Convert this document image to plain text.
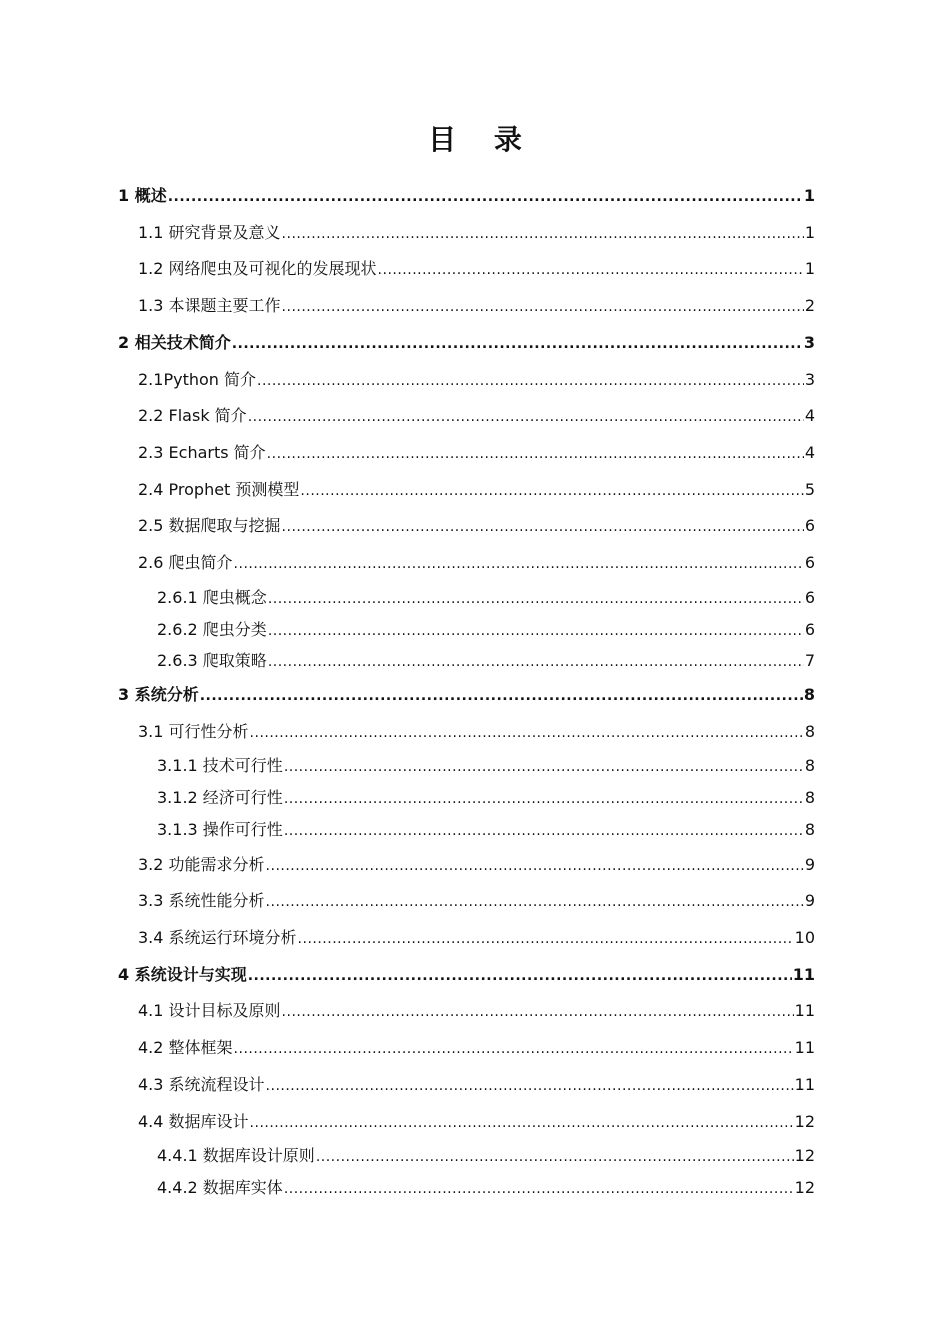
目 录
1 概述 .....	1
1.1 研究背景及意义 .....	1
1.2 网络爬虫及可视化的发展现状 .....	1
1.3 本课题主要工作 .....	2
2 相关技术简介 .....	3
2.1Python 简介 .....	3
2.2 Flask 简介 .....	4
2.3 Echarts 简介 .....	4
2.4 Prophet 预测模型 .....	5
2.5 数据爬取与挖掘 .....	6
2.6 爬虫简介 .....	6
2.6.1 爬虫概念 .....	6
2.6.2 爬虫分类 .....	6
2.6.3 爬取策略 .....	7
3 系统分析 .....	8
3.1 可行性分析 .....	8
3.1.1 技术可行性 .....	8
3.1.2 经济可行性 .....	8
3.1.3 操作可行性 .....	8
3.2 功能需求分析 .....	9
3.3 系统性能分析 .....	9
3.4 系统运行环境分析 .....	10
4 系统设计与实现 .....	11
4.1 设计目标及原则 .....	11
4.2 整体框架 .....	11
4.3 系统流程设计 .....	11
4.4 数据库设计 .....	12
4.4.1 数据库设计原则 .....	12
4.4.2 数据库实体 .....	12
